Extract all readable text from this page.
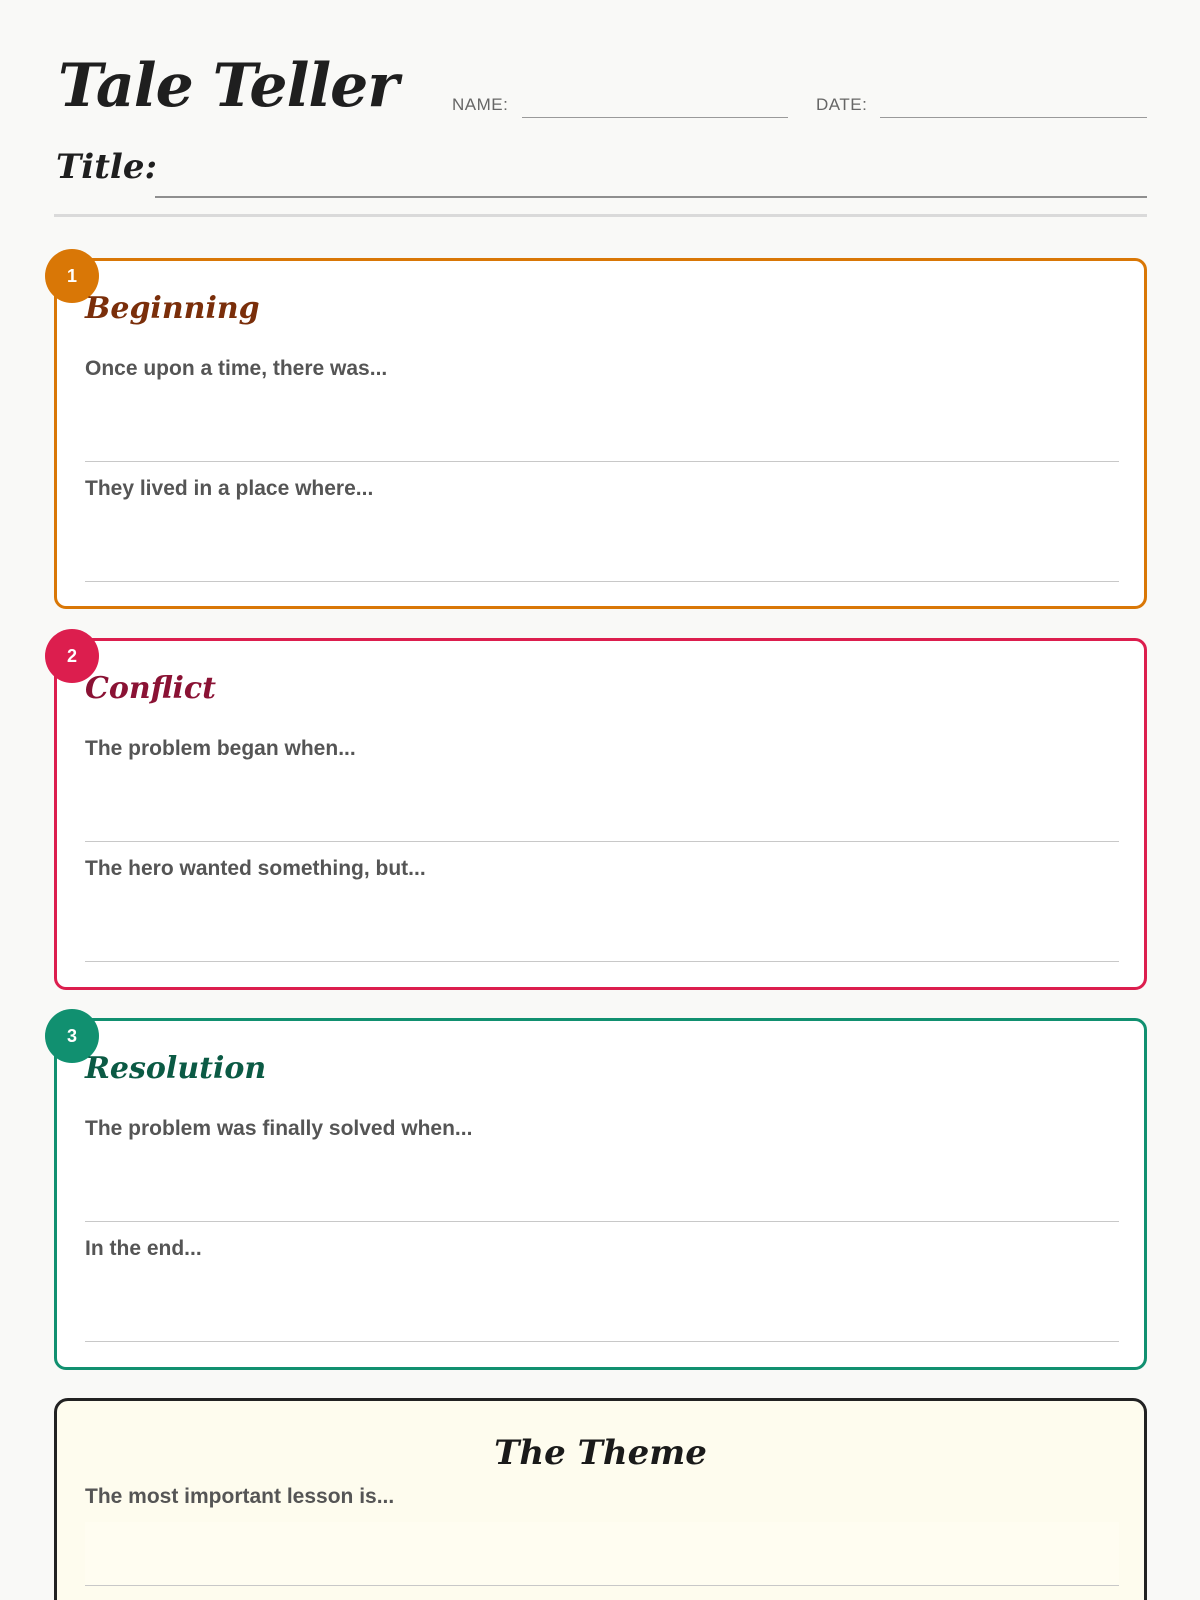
Tale Teller	NAME:	DATE:
Title:
1
Beginning
Once upon a time, there was...
They lived in a place where...
2
Conflict
The problem began when...
The hero wanted something, but...
3
Resolution
The problem was finally solved when...
In the end...
The Theme
The most important lesson is...
